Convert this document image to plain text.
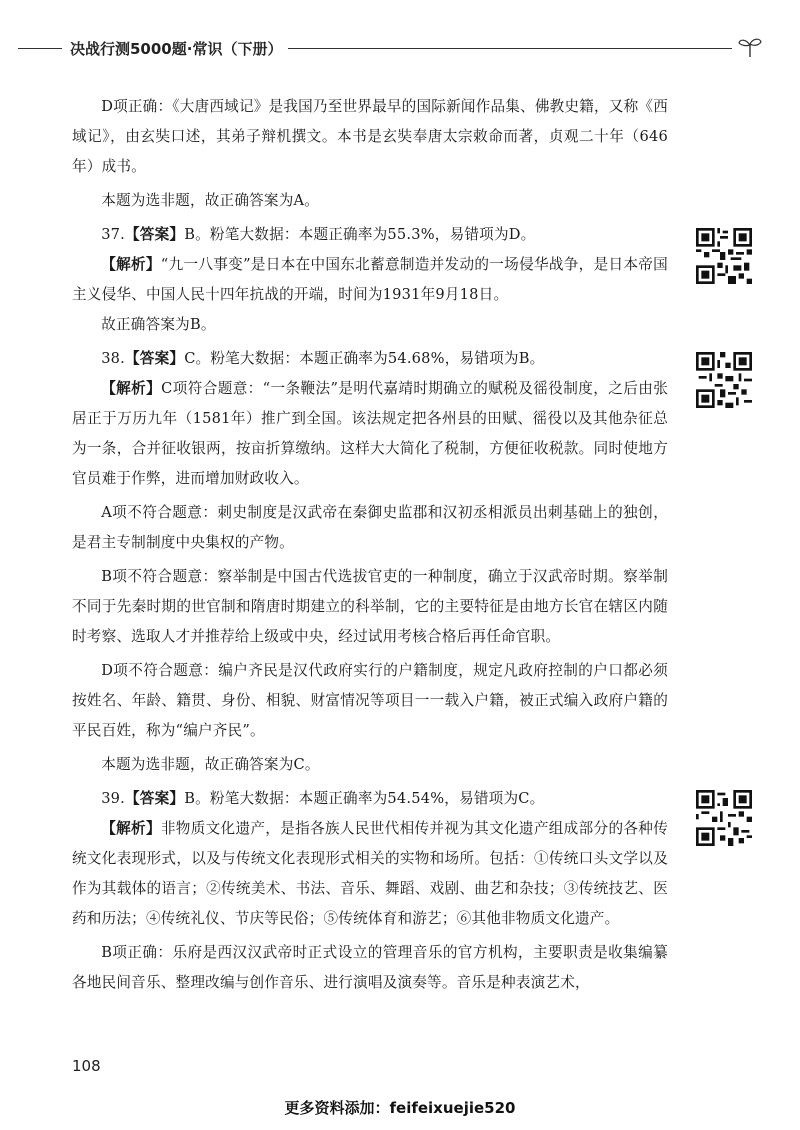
决战行测5000题·常识（下册）

D项正确：《大唐西域记》是我国乃至世界最早的国际新闻作品集、佛教史籍，又称《西域记》，由玄奘口述，其弟子辩机撰文。本书是玄奘奉唐太宗敕命而著，贞观二十年（646年）成书。

本题为选非题，故正确答案为A。

37.【答案】B。粉笔大数据：本题正确率为55.3%，易错项为D。

【解析】“九一八事变”是日本在中国东北蓄意制造并发动的一场侵华战争，是日本帝国主义侵华、中国人民十四年抗战的开端，时间为1931年9月18日。

故正确答案为B。

38.【答案】C。粉笔大数据：本题正确率为54.68%，易错项为B。

【解析】C项符合题意：“一条鞭法”是明代嘉靖时期确立的赋税及徭役制度，之后由张居正于万历九年（1581年）推广到全国。该法规定把各州县的田赋、徭役以及其他杂征总为一条，合并征收银两，按亩折算缴纳。这样大大简化了税制，方便征收税款。同时使地方官员难于作弊，进而增加财政收入。

A项不符合题意：刺史制度是汉武帝在秦御史监郡和汉初丞相派员出刺基础上的独创，是君主专制制度中央集权的产物。

B项不符合题意：察举制是中国古代选拔官吏的一种制度，确立于汉武帝时期。察举制不同于先秦时期的世官制和隋唐时期建立的科举制，它的主要特征是由地方长官在辖区内随时考察、选取人才并推荐给上级或中央，经过试用考核合格后再任命官职。

D项不符合题意：编户齐民是汉代政府实行的户籍制度，规定凡政府控制的户口都必须按姓名、年龄、籍贯、身份、相貌、财富情况等项目一一载入户籍，被正式编入政府户籍的平民百姓，称为“编户齐民”。

本题为选非题，故正确答案为C。

39.【答案】B。粉笔大数据：本题正确率为54.54%，易错项为C。

【解析】非物质文化遗产，是指各族人民世代相传并视为其文化遗产组成部分的各种传统文化表现形式，以及与传统文化表现形式相关的实物和场所。包括：①传统口头文学以及作为其载体的语言；②传统美术、书法、音乐、舞蹈、戏剧、曲艺和杂技；③传统技艺、医药和历法；④传统礼仪、节庆等民俗；⑤传统体育和游艺；⑥其他非物质文化遗产。

B项正确：乐府是西汉汉武帝时正式设立的管理音乐的官方机构，主要职责是收集编纂各地民间音乐、整理改编与创作音乐、进行演唱及演奏等。音乐是种表演艺术，

108
更多资料添加：feifeixuejie520
